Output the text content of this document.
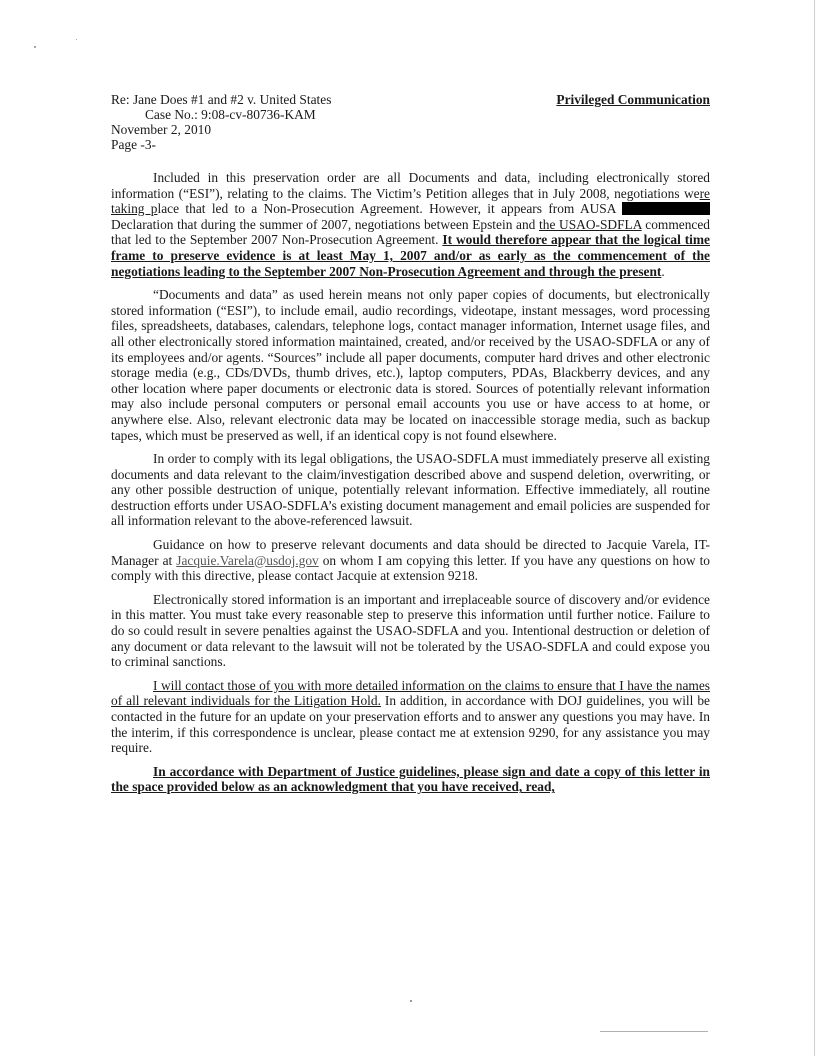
Re: Jane Does #1 and #2 v. United States
Case No.: 9:08-cv-80736-KAM
November 2, 2010
Page -3-
Privileged Communication

Included in this preservation order are all Documents and data, including electronically stored information (“ESI”), relating to the claims. The Victim’s Petition alleges that in July 2008, negotiations were taking place that led to a Non-Prosecution Agreement. However, it appears from AUSA  Declaration that during the summer of 2007, negotiations between Epstein and the USAO-SDFLA commenced that led to the September 2007 Non-Prosecution Agreement. It would therefore appear that the logical time frame to preserve evidence is at least May 1, 2007 and/or as early as the commencement of the negotiations leading to the September 2007 Non-Prosecution Agreement and through the present.

“Documents and data” as used herein means not only paper copies of documents, but electronically stored information (“ESI”), to include email, audio recordings, videotape, instant messages, word processing files, spreadsheets, databases, calendars, telephone logs, contact manager information, Internet usage files, and all other electronically stored information maintained, created, and/or received by the USAO-SDFLA or any of its employees and/or agents. “Sources” include all paper documents, computer hard drives and other electronic storage media (e.g., CDs/DVDs, thumb drives, etc.), laptop computers, PDAs, Blackberry devices, and any other location where paper documents or electronic data is stored. Sources of potentially relevant information may also include personal computers or personal email accounts you use or have access to at home, or anywhere else. Also, relevant electronic data may be located on inaccessible storage media, such as backup tapes, which must be preserved as well, if an identical copy is not found elsewhere.

In order to comply with its legal obligations, the USAO-SDFLA must immediately preserve all existing documents and data relevant to the claim/investigation described above and suspend deletion, overwriting, or any other possible destruction of unique, potentially relevant information. Effective immediately, all routine destruction efforts under USAO-SDFLA’s existing document management and email policies are suspended for all information relevant to the above-referenced lawsuit.

Guidance on how to preserve relevant documents and data should be directed to Jacquie Varela, IT-Manager at Jacquie.Varela@usdoj.gov on whom I am copying this letter. If you have any questions on how to comply with this directive, please contact Jacquie at extension 9218.

Electronically stored information is an important and irreplaceable source of discovery and/or evidence in this matter. You must take every reasonable step to preserve this information until further notice. Failure to do so could result in severe penalties against the USAO-SDFLA and you. Intentional destruction or deletion of any document or data relevant to the lawsuit will not be tolerated by the USAO-SDFLA and could expose you to criminal sanctions.

I will contact those of you with more detailed information on the claims to ensure that I have the names of all relevant individuals for the Litigation Hold. In addition, in accordance with DOJ guidelines, you will be contacted in the future for an update on your preservation efforts and to answer any questions you may have. In the interim, if this correspondence is unclear, please contact me at extension 9290, for any assistance you may require.

In accordance with Department of Justice guidelines, please sign and date a copy of this letter in the space provided below as an acknowledgment that you have received, read,
